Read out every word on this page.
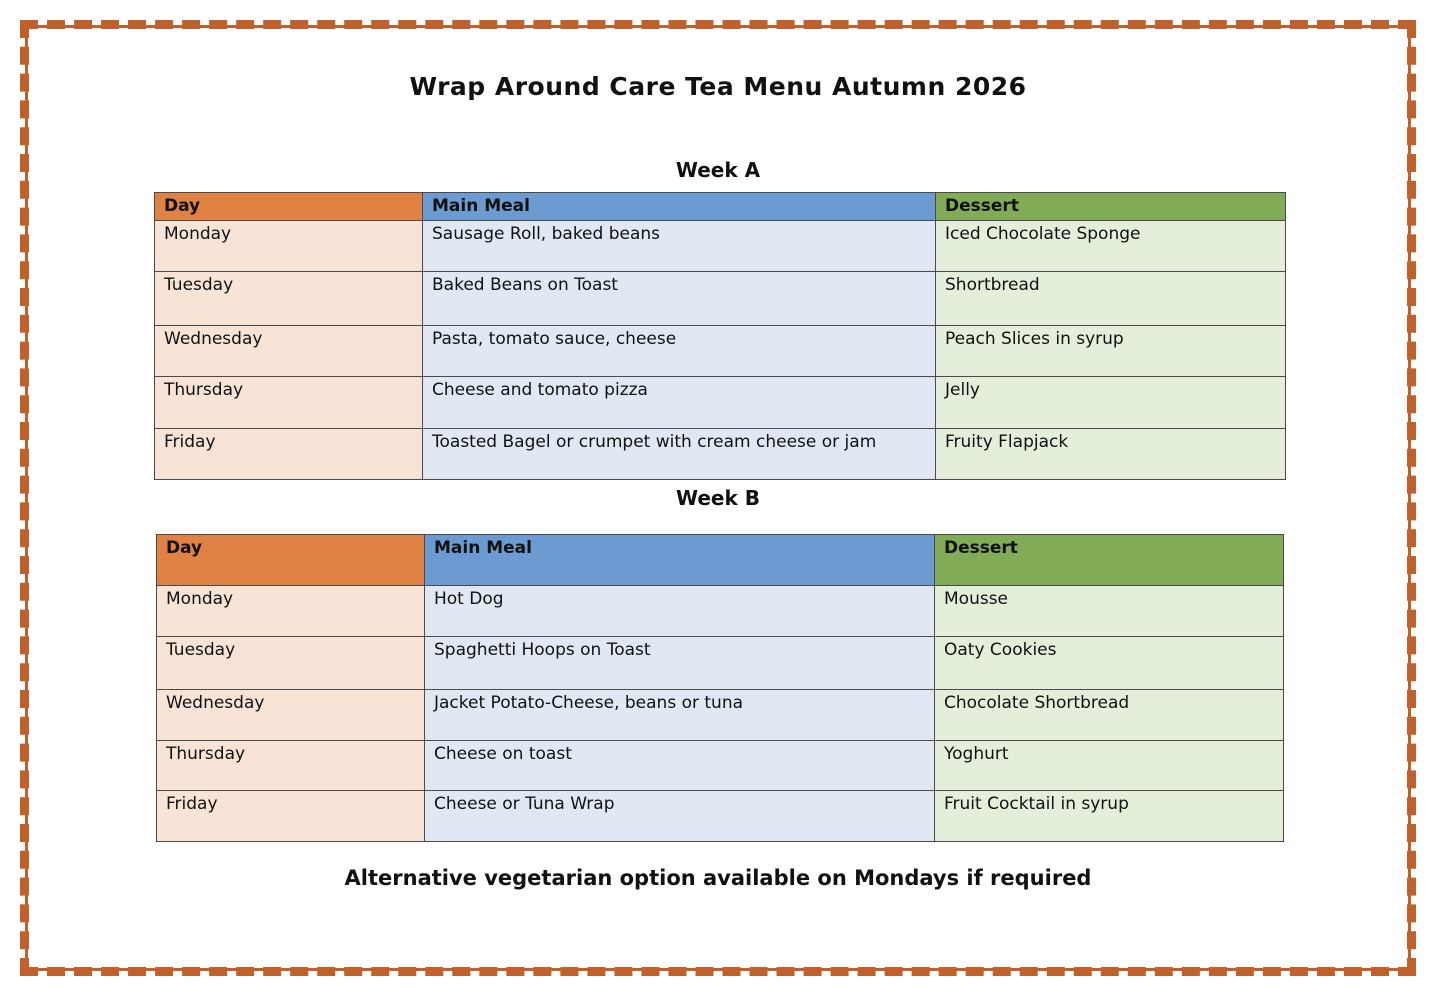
Wrap Around Care Tea Menu Autumn 2026
Week A
Day	Main Meal	Dessert
Monday	Sausage Roll, baked beans	Iced Chocolate Sponge
Tuesday	Baked Beans on Toast	Shortbread
Wednesday	Pasta, tomato sauce, cheese	Peach Slices in syrup
Thursday	Cheese and tomato pizza	Jelly
Friday	Toasted Bagel or crumpet with cream cheese or jam	Fruity Flapjack
Week B
Day	Main Meal	Dessert
Monday	Hot Dog	Mousse
Tuesday	Spaghetti Hoops on Toast	Oaty Cookies
Wednesday	Jacket Potato-Cheese, beans or tuna	Chocolate Shortbread
Thursday	Cheese on toast	Yoghurt
Friday	Cheese or Tuna Wrap	Fruit Cocktail in syrup
Alternative vegetarian option available on Mondays if required
